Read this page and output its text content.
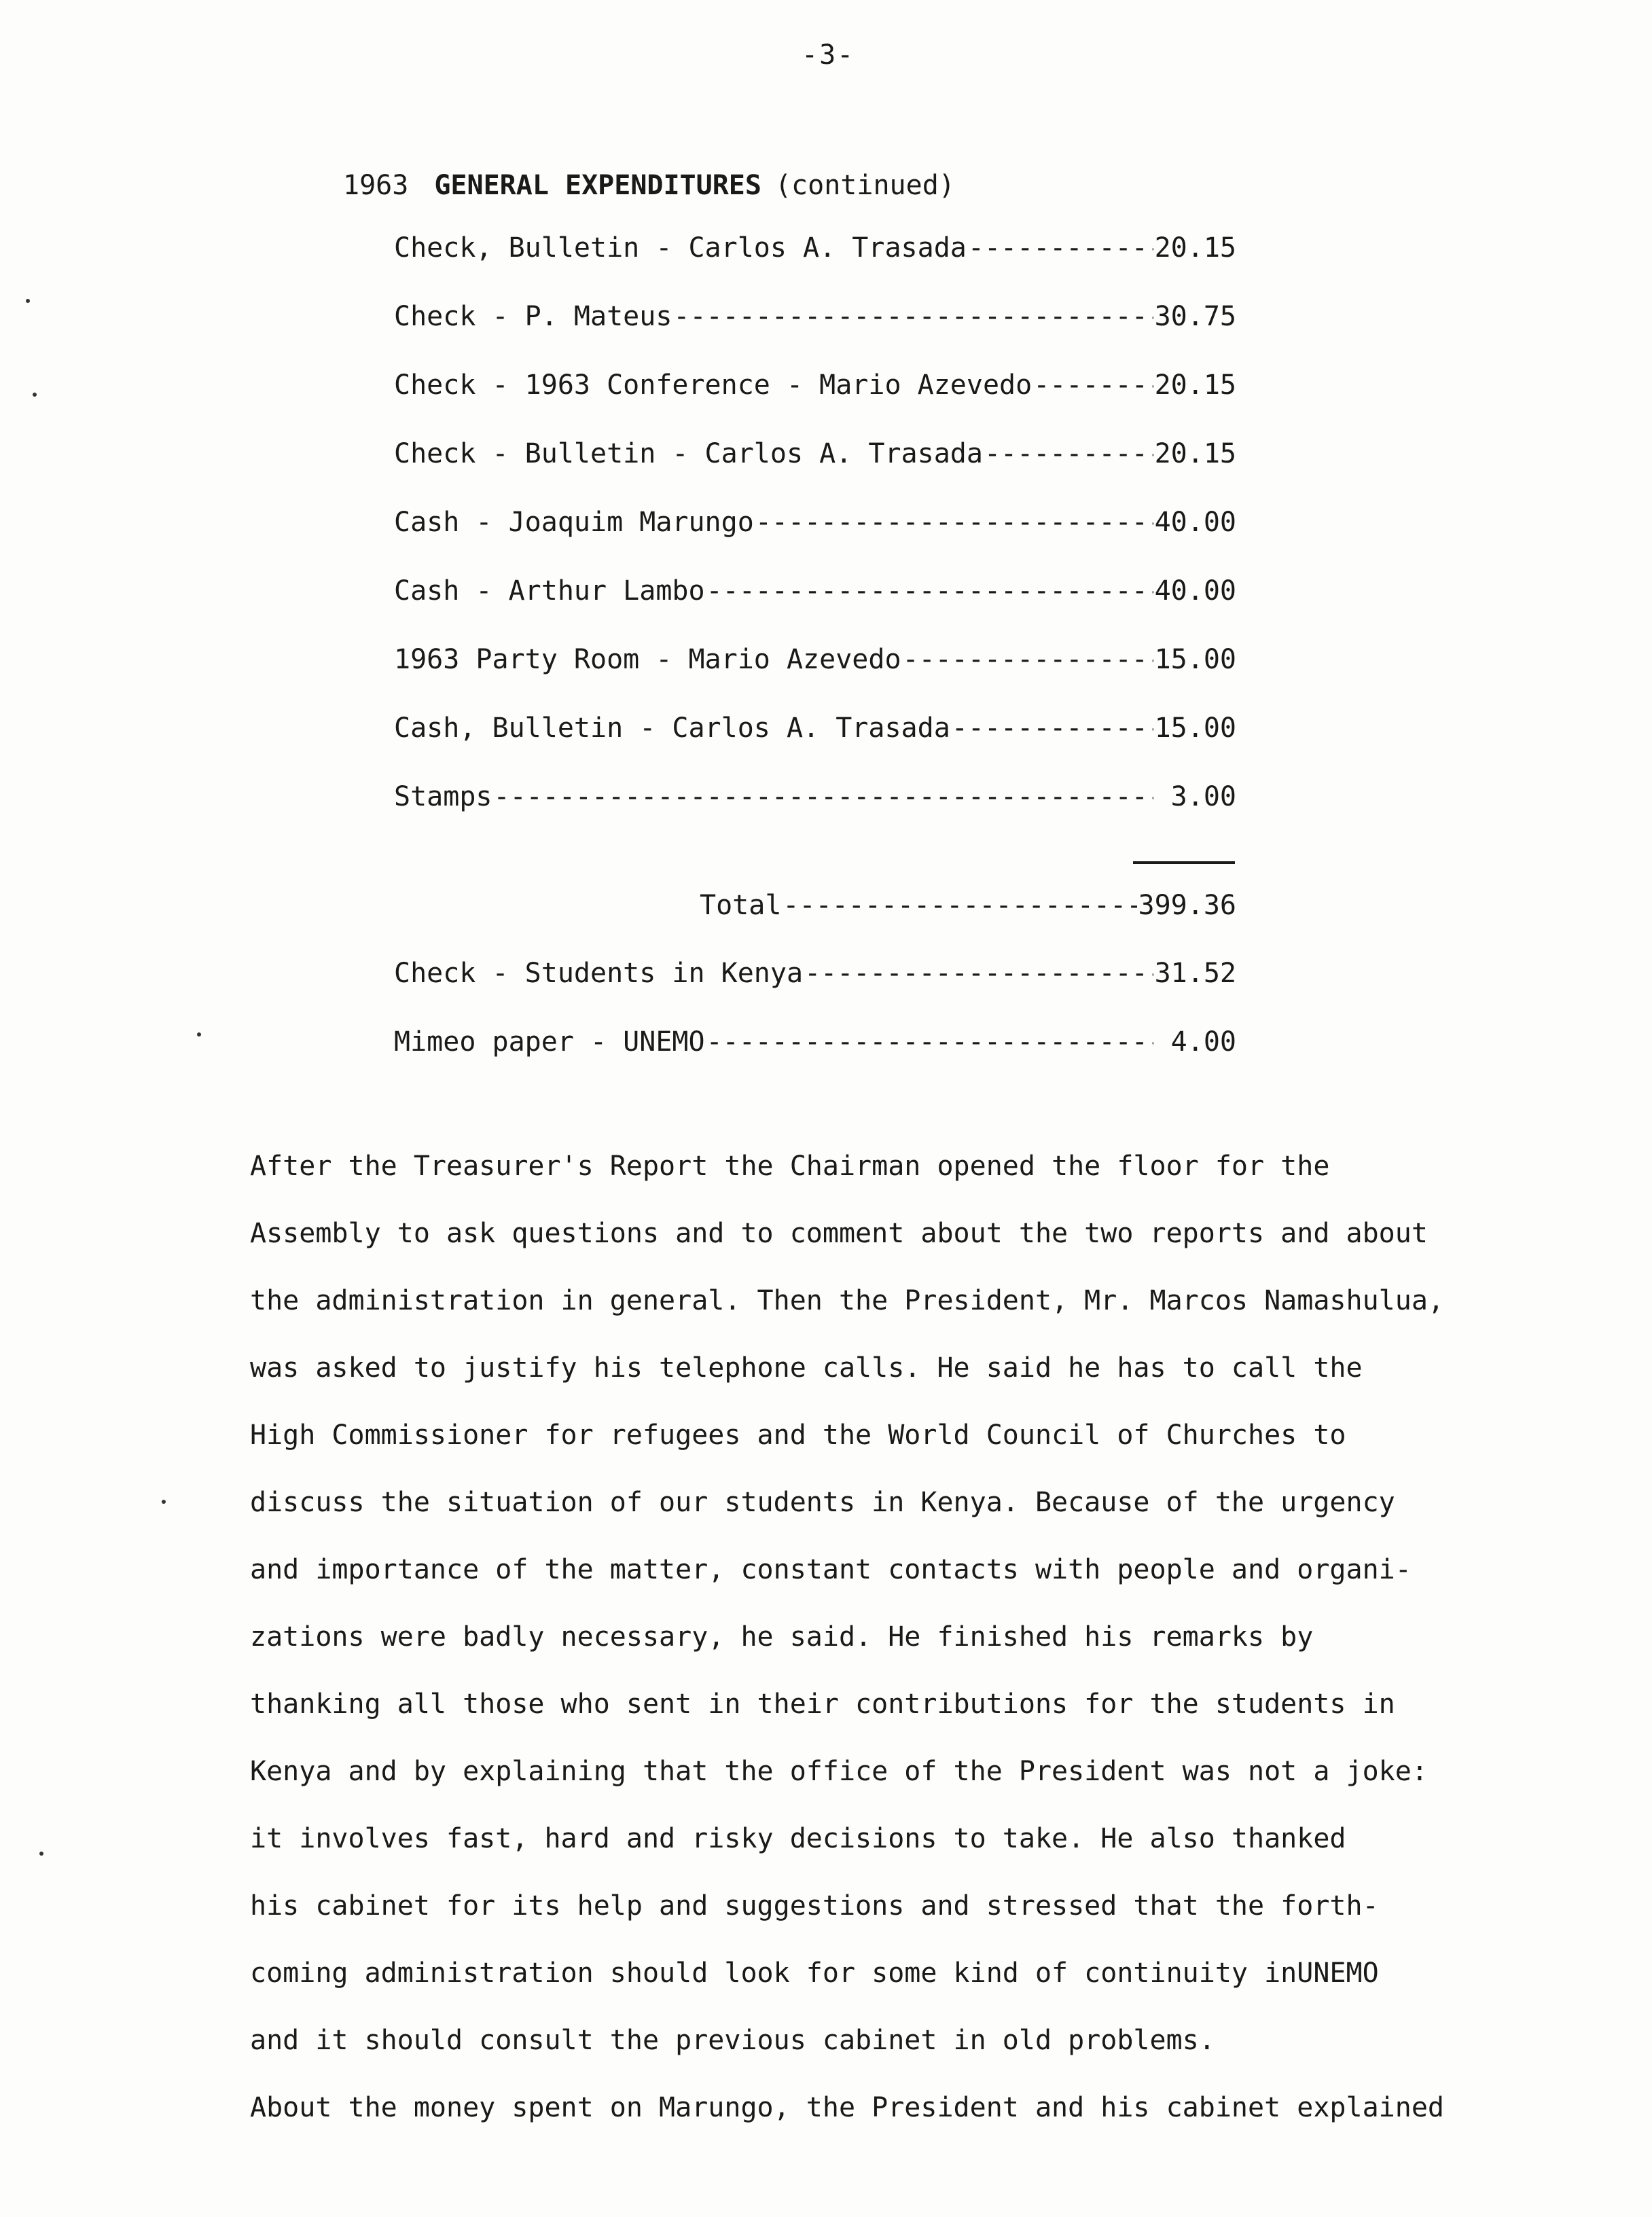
-3-
1963 GENERAL EXPENDITURES (continued)
Check, Bulletin - Carlos A. Trasada -----	20.15
Check - P. Mateus -----	30.75
Check - 1963 Conference - Mario Azevedo -----	20.15
Check - Bulletin - Carlos A. Trasada -----	20.15
Cash - Joaquim Marungo -----	40.00
Cash - Arthur Lambo -----	40.00
1963 Party Room - Mario Azevedo -----	15.00
Cash, Bulletin - Carlos A. Trasada -----	15.00
Stamps -----	3.00
Total -----	399.36
Check - Students in Kenya -----	31.52
Mimeo paper - UNEMO -----	4.00

After the Treasurer's Report the Chairman opened the floor for the

Assembly to ask questions and to comment about the two reports and about

the administration in general. Then the President, Mr. Marcos Namashulua,

was asked to justify his telephone calls. He said he has to call the

High Commissioner for refugees and the World Council of Churches to

discuss the situation of our students in Kenya. Because of the urgency

and importance of the matter, constant contacts with people and organi-

zations were badly necessary, he said. He finished his remarks by

thanking all those who sent in their contributions for the students in

Kenya and by explaining that the office of the President was not a joke:

it involves fast, hard and risky decisions to take. He also thanked

his cabinet for its help and suggestions and stressed that the forth-

coming administration should look for some kind of continuity inUNEMO

and it should consult the previous cabinet in old problems.

About the money spent on Marungo, the President and his cabinet explained
